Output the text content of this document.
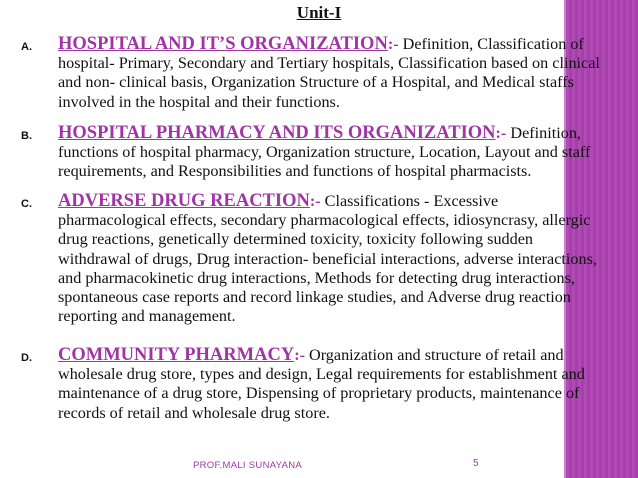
Unit-I
A. HOSPITAL AND IT’S ORGANIZATION:- Definition, Classification of hospital- Primary, Secondary and Tertiary hospitals, Classification based on clinical and non- clinical basis, Organization Structure of a Hospital, and Medical staffs involved in the hospital and their functions.
B. HOSPITAL PHARMACY AND ITS ORGANIZATION:- Definition, functions of hospital pharmacy, Organization structure, Location, Layout and staff requirements, and Responsibilities and functions of hospital pharmacists.
C. ADVERSE DRUG REACTION:- Classifications - Excessive pharmacological effects, secondary pharmacological effects, idiosyncrasy, allergic drug reactions, genetically determined toxicity, toxicity following sudden withdrawal of drugs, Drug interaction- beneficial interactions, adverse interactions, and pharmacokinetic drug interactions, Methods for detecting drug interactions, spontaneous case reports and record linkage studies, and Adverse drug reaction reporting and management.
D. COMMUNITY PHARMACY:- Organization and structure of retail and wholesale drug store, types and design, Legal requirements for establishment and maintenance of a drug store, Dispensing of proprietary products, maintenance of records of retail and wholesale drug store.
PROF.MALI SUNAYANA	5
